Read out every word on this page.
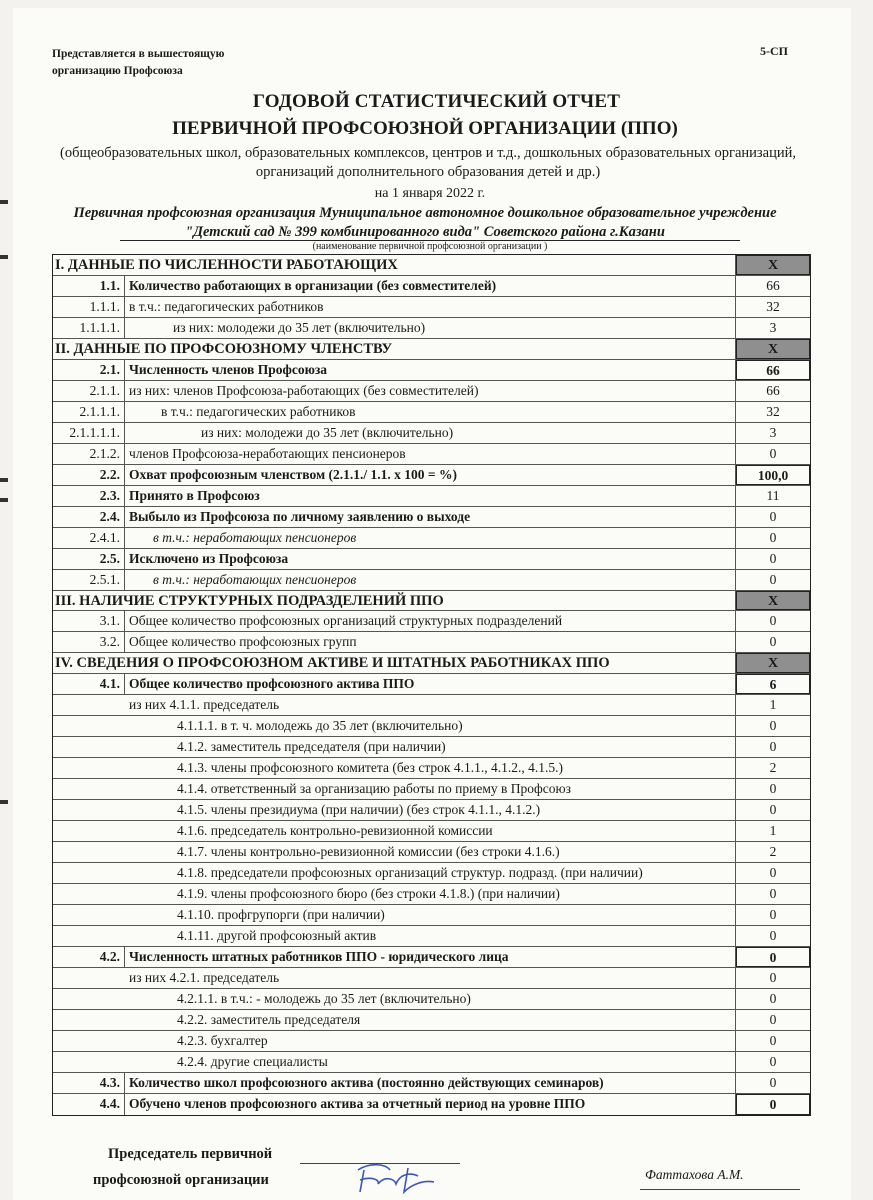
Представляется в вышестоящую
организацию Профсоюза
5-СП
ГОДОВОЙ СТАТИСТИЧЕСКИЙ ОТЧЕТ
ПЕРВИЧНОЙ ПРОФСОЮЗНОЙ ОРГАНИЗАЦИИ (ППО)
(общеобразовательных школ, образовательных комплексов, центров и т.д., дошкольных образовательных организаций, организаций дополнительного образования детей и др.)
на 1 января 2022 г.
Первичная профсоюзная организация Муниципальное автономное дошкольное образовательное учреждение "Детский сад № 399 комбинированного вида" Советского района г.Казани
(наименование первичной профсоюзной организации )
I. ДАННЫЕ ПО ЧИСЛЕННОСТИ РАБОТАЮЩИХ	X
1.1. Количество работающих в организации (без совместителей)	66
1.1.1. в т.ч.: педагогических работников	32
1.1.1.1.	из них: молодежи до 35 лет (включительно)	3
II. ДАННЫЕ ПО ПРОФСОЮЗНОМУ ЧЛЕНСТВУ	X
2.1. Численность членов Профсоюза	66
2.1.1. из них: членов Профсоюза-работающих (без совместителей)	66
2.1.1.1.	в т.ч.: педагогических работников	32
2.1.1.1.1.	из них: молодежи до 35 лет (включительно)	3
2.1.2. членов Профсоюза-неработающих пенсионеров	0
2.2. Охват профсоюзным членством (2.1.1./ 1.1. х 100 = %)	100,0
2.3. Принято в Профсоюз	11
2.4. Выбыло из Профсоюза по личному заявлению о выходе	0
2.4.1.	в т.ч.: неработающих пенсионеров	0
2.5. Исключено из Профсоюза	0
2.5.1.	в т.ч.: неработающих пенсионеров	0
III. НАЛИЧИЕ СТРУКТУРНЫХ ПОДРАЗДЕЛЕНИЙ ППО	X
3.1. Общее количество профсоюзных организаций структурных подразделений	0
3.2. Общее количество профсоюзных групп	0
IV. СВЕДЕНИЯ О ПРОФСОЮЗНОМ АКТИВЕ И ШТАТНЫХ РАБОТНИКАХ ППО	X
4.1. Общее количество профсоюзного актива ППО	6
из них 4.1.1. председатель	1
4.1.1.1. в т. ч. молодежь до 35 лет (включительно)	0
4.1.2. заместитель председателя (при наличии)	0
4.1.3. члены профсоюзного комитета (без строк 4.1.1., 4.1.2., 4.1.5.)	2
4.1.4. ответственный за организацию работы по приему в Профсоюз	0
4.1.5. члены президиума (при наличии) (без строк 4.1.1., 4.1.2.)	0
4.1.6. председатель контрольно-ревизионной комиссии	1
4.1.7. члены контрольно-ревизионной комиссии (без строки 4.1.6.)	2
4.1.8. председатели профсоюзных организаций структур. подразд. (при наличии)	0
4.1.9. члены профсоюзного бюро (без строки 4.1.8.) (при наличии)	0
4.1.10. профгрупорги (при наличии)	0
4.1.11. другой профсоюзный актив	0
4.2. Численность штатных работников ППО - юридического лица	0
из них 4.2.1. председатель	0
4.2.1.1. в т.ч.: - молодежь до 35 лет (включительно)	0
4.2.2. заместитель председателя	0
4.2.3. бухгалтер	0
4.2.4. другие специалисты	0
4.3. Количество школ профсоюзного актива (постоянно действующих семинаров)	0
4.4. Обучено членов профсоюзного актива за отчетный период на уровне ППО	0
Председатель первичной
профсоюзной организации	Фаттахова А.М.
